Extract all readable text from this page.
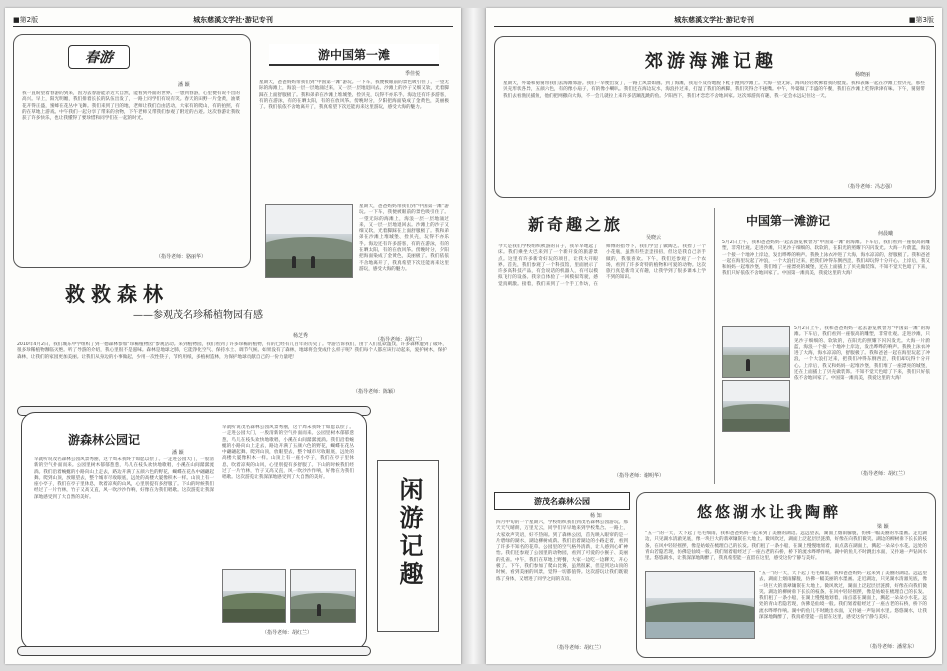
■第2版	城东慈溪文学社·游记专刊
春游
潘 颖
我一直盼望着春游的到来，因为去春游能亲近大自然，能看到外面的世界。一想到春游，心里便有说不出的高兴。早上，阳光明媚，我们排着长长的队伍出发了，一路上同学们有说有笑。春天的田野一片金黄，油菜花开得正盛，蜜蜂在花丛中飞舞。我们来到了目的地，老师让我们自由活动，大家有的爬山，有的拍照，有的在草地上游戏。中午我们一起分享了带来的食物，下午老师又带我们参观了附近的古迹。这次春游让我收获了许多快乐，也让我懂得了要珍惜和同学们在一起的时光。
（指导老师：骆丽华）
游中国第一滩
季佳悦
星期天，爸爸妈妈带我们到“中国第一滩”游玩。一下车，我便被眼前的景色吸引住了。一望无际的海滩上，海浪一层一层地涌过来，又一层一层地退回去。沙滩上的沙子又细又软，光着脚踩在上面舒服极了。我和弟弟在沙滩上堆城堡、捡贝壳，玩得不亦乐乎。海边还有许多游客，有的在游泳，有的在晒太阳，有的在放风筝。傍晚时分，夕阳把海面染成了金黄色，美丽极了。我们依依不舍地离开了，我真希望下次还能再来这里游玩，感受大海的魅力。
星期天，爸爸妈妈带我们到“中国第一滩”游玩。一下车，我便被眼前的景色吸引住了。一望无际的海滩上，海浪一层一层地涌过来，又一层一层地退回去。沙滩上的沙子又细又软，光着脚踩在上面舒服极了。我和弟弟在沙滩上堆城堡、捡贝壳，玩得不亦乐乎。海边还有许多游客，有的在游泳，有的在晒太阳，有的在放风筝。傍晚时分，夕阳把海面染成了金黄色，美丽极了。我们依依不舍地离开了，我真希望下次还能再来这里游玩，感受大海的魅力。
（指导老师：胡红兰）
救救森林
——参观茂名珍稀植物园有感
杨芝秀
2010年4月2日，我们城东中学组织了到一德森林参加“珍稀植物园”参观活动。来到植物园，我们看到了许多珍稀的植物，有的已经有几百年的历史了。导游告诉我们，由于人们乱砍滥伐，许多森林遭到了破坏，很多珍稀植物濒临灭绝。听了导游的介绍，我心里很不是滋味。森林是地球之肺，它能净化空气、保持水土、调节气候。如果没有了森林，地球将会变成什么样子呢？我们每个人都应该行动起来，爱护树木，保护森林，让我们的家园更加美丽。让我们从身边的小事做起，少用一次性筷子，节约用纸，多植树造林，为保护地球贡献自己的一份力量吧！
（指导老师：陈颖）
游森林公园记
潘 颖
早就听说茂名森林公园风景秀丽，这个周末我终于如愿以偿了。一走进公园大门，一股清新的空气扑面而来。公园里树木郁郁葱葱，鸟儿在枝头欢快地歌唱，小溪在山间潺潺流淌。我们沿着蜿蜒的小路向山上走去，路边开满了五颜六色的野花，蝴蝶在花丛中翩翩起舞。爬到山顶，放眼望去，整个城市尽收眼底，远处的高楼大厦像积木一样。山顶上有一座小亭子，我们在亭子里休息，吹着凉爽的山风，心里别提有多舒服了。下山的时候我们经过了一片竹林，竹子又高又直，风一吹沙沙作响，好像在为我们唱歌。这次游览让我深深地感受到了大自然的美好。
早就听说茂名森林公园风景秀丽，这个周末我终于如愿以偿了。一走进公园大门，一股清新的空气扑面而来。公园里树木郁郁葱葱，鸟儿在枝头欢快地歌唱，小溪在山间潺潺流淌。我们沿着蜿蜒的小路向山上走去，路边开满了五颜六色的野花，蝴蝶在花丛中翩翩起舞。爬到山顶，放眼望去，整个城市尽收眼底，远处的高楼大厦像积木一样。山顶上有一座小亭子，我们在亭子里休息，吹着凉爽的山风，心里别提有多舒服了。下山的时候我们经过了一片竹林，竹子又高又直，风一吹沙沙作响，好像在为我们唱歌。这次游览让我深深地感受到了大自然的美好。
（指导老师：胡红兰）
闲游记趣
城东慈溪文学社·游记专刊	■第3版
郊游海滩记趣
杨晓丽
星期天，外婆和舅舅带我们去海滩郊游。我们一早便出发了，一路上风景如画。到了海滩，我迫不及待地脱下鞋子跑到沙滩上。大海一望无际，海风轻轻吹拂着我的脸庞。我和表妹一起在沙滩上捡贝壳，那些贝壳形状各异，五颜六色，有的像小扇子，有的像小喇叭。我们还在海边玩水，海浪扑过来，打湿了我们的裤脚，我们笑得合不拢嘴。中午，外婆做了丰盛的午餐，我们在沙滩上吃得津津有味。下午，舅舅带我们去看渔民捕鱼，他们把网撒向大海，不一会儿就拉上来许多活蹦乱跳的鱼。夕阳西下，我们才恋恋不舍地回家。这次郊游真有趣，我一定会永远记住这一天。
（指导老师：冯志强）
新奇趣之旅
吴晓云
今天是我们学校组织秋游的日子，我早早地起了床。我们乘坐大巴来到了一个新开发的旅游景点。这里有许多新奇好玩的项目，让我大开眼界。首先，我们参观了一个科技馆，里面展示了许多高科技产品，有会说话的机器人，有可以模拟飞行的设备。我亲自体验了一回模拟驾驶，感觉真刺激。接着，我们来到了一个手工作坊，在师傅的指导下，我们学会了做陶艺。我捏了一个小花瓶，虽然有些歪歪扭扭，但这是我自己亲手做的，我很喜欢。下午，我们还参观了一个农场，看到了许多奇特的植物和可爱的动物。这次旅行真是新奇又有趣，让我学到了很多课本上学不到的知识。
（指导老师：谢明华）
中国第一滩游记
何晨曦
5月2日上午，我和爸爸妈妈一起去游览被誉为“中国第一滩”的海滩。下车后，我们看到一座很高的雕塑，非常壮观。走进沙滩，只见沙子细细的、软软的，在阳光的照耀下闪闪发光。大海一片蔚蓝，海浪一个接一个地冲上岸边，发出哗哗的响声。我换上泳衣冲进了大海，海水凉凉的，舒服极了。我和爸爸一起在海里玩起了冲浪，一个大浪打过来，把我们冲得东倒西歪，我们却玩得十分开心。上岸后，我又和妈妈一起堆沙堡，我们堆了一座漂亮的城堡，还在上面插上了贝壳做装饰。不知不觉天色暗了下来，我们只好依依不舍地回家了。中国第一滩真美，我爱这里的大海！
5月2日上午，我和爸爸妈妈一起去游览被誉为“中国第一滩”的海滩。下车后，我们看到一座很高的雕塑，非常壮观。走进沙滩，只见沙子细细的、软软的，在阳光的照耀下闪闪发光。大海一片蔚蓝，海浪一个接一个地冲上岸边，发出哗哗的响声。我换上泳衣冲进了大海，海水凉凉的，舒服极了。我和爸爸一起在海里玩起了冲浪，一个大浪打过来，把我们冲得东倒西歪，我们却玩得十分开心。上岸后，我又和妈妈一起堆沙堡，我们堆了一座漂亮的城堡，还在上面插上了贝壳做装饰。不知不觉天色暗了下来，我们只好依依不舍地回家了。中国第一滩真美，我爱这里的大海！
（指导老师：胡红兰）
悠悠湖水让我陶醉
梁 颖
“五一”的一天，天下起了毛毛细雨，我和爸爸妈妈一起来到了美丽的湖边。远远望去，湖面上烟雨朦胧，仿佛一幅美丽的水墨画。走近湖边，只见湖水清澈见底，像一块巨大的翡翠镶嵌在大地上。微风吹过，湖面上泛起层层涟漪，好像在向我们微笑。湖边的柳树垂下长长的枝条，在风中轻轻摇摆，像是姑娘在梳理自己的长发。我们租了一条小船，在湖上慢慢地划着，雨点落在湖面上，溅起一朵朵小水花。远处的青山若隐若现，仿佛是仙境一般。我们划着船经过了一座古老的石桥，桥下的流水哗哗作响。湖中的鱼儿不时跳出水面，又扑通一声钻回水里。悠悠湖水，让我深深地陶醉了，我真希望能一直留在这里，感受这份宁静与美好。
“五一”的一天，天下起了毛毛细雨，我和爸爸妈妈一起来到了美丽的湖边。远远望去，湖面上烟雨朦胧，仿佛一幅美丽的水墨画。走近湖边，只见湖水清澈见底，像一块巨大的翡翠镶嵌在大地上。微风吹过，湖面上泛起层层涟漪，好像在向我们微笑。湖边的柳树垂下长长的枝条，在风中轻轻摇摆，像是姑娘在梳理自己的长发。我们租了一条小船，在湖上慢慢地划着，雨点落在湖面上，溅起一朵朵小水花。远处的青山若隐若现，仿佛是仙境一般。我们划着船经过了一座古老的石桥，桥下的流水哗哗作响。湖中的鱼儿不时跳出水面，又扑通一声钻回水里。悠悠湖水，让我深深地陶醉了，我真希望能一直留在这里，感受这份宁静与美好。
（指导老师：潘常东）
游茂名森林公园
杨 知
四月中旬的一个星期六，学校组织我们到茂名森林公园游玩。那天天气晴朗，万里无云，同学们早早地来到学校集合。一路上，大家欢声笑语，好不热闹。到了森林公园，首先映入眼帘的是一片碧绿的湖水，湖边柳树成荫。我们沿着湖边的小路走着，看到了许多不知名的花草。公园里的空气格外清新，让人感到心旷神怡。我们还参观了公园里的动物园，看到了可爱的小猴子、美丽的孔雀。中午，我们在草地上野餐，大家一边吃一边聊天，开心极了。下午，我们参加了爬山比赛，虽然很累，但是到达山顶的时候，看到美丽的风景，觉得一切都值得。这次游玩让我们既锻炼了身体，又增进了同学之间的友谊。
（指导老师：胡红兰）
